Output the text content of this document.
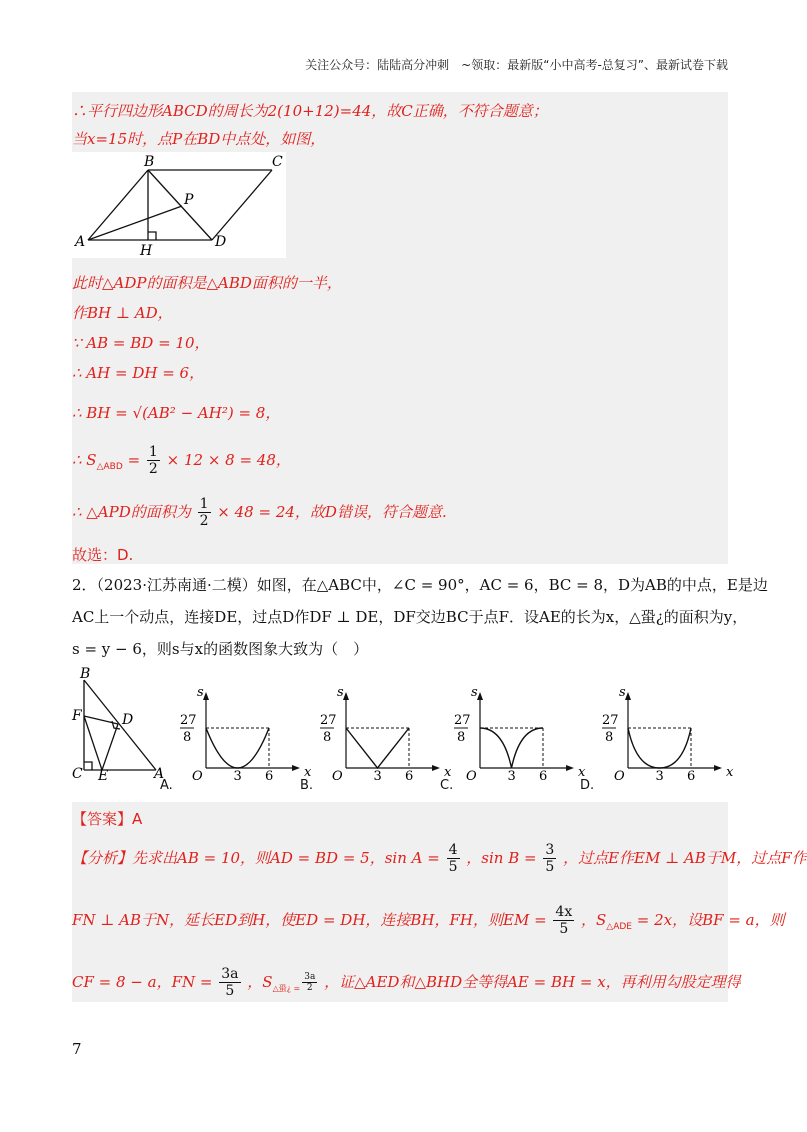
关注公众号：陆陆高分冲刺　~领取：最新版“小中高考-总复习”、最新试卷下载
∴平行四边形ABCD的周长为2(10+12)=44，故C正确，不符合题意；
当x=15时，点P在BD中点处，如图，
A
B	C
D
P
H
此时△ADP的面积是△ABD面积的一半，
作BH ⊥ AD，
∵ AB = BD = 10，
∴ AH = DH = 6，
∴ BH = √(AB² − AH²) = 8，
∴ $S_{\triangle ABD} = \frac{1}{2} \times 12 \times 8 = 48$，
∴ △APD的面积为 $\frac{1}{2} \times 48 = 24$，故D错误，符合题意.
故选：D.
2．（2023·江苏南通·二模）如图，在△ABC中，∠C = 90°，AC = 6，BC = 8，D为AB的中点，E是边
AC上一个动点，连接DE，过点D作DF ⊥ DE，DF交边BC于点F．设AE的长为x，△蛩¿的面积为y，
s = y − 6，则s与x的函数图象大致为（　）
B
F	D
C E	A
A.
s
x
O 3 6
27
8
B.
s
x
O 3 6
27
8
C.
s
x
O 3 6
27
8
D.
s
x
O 3 6
27
8
【答案】A
【分析】先求出AB = 10，则AD = BD = 5，$\sin A = \frac{4}{5}$ ，$\sin B = \frac{3}{5}$ ，过点E作EM ⊥ AB于M，过点F作
FN ⊥ AB于N，延长ED到H，使ED = DH，连接BH，FH，则EM = $\frac{4x}{5}$ ，$S_{\triangle ADE} = 2x$，设BF = a，则
CF = 8 − a，FN = $\frac{3a}{5}$ ，$S_{\triangle 蛩¿ =} \frac{3a}{2}$ ，证△AED和△BHD全等得AE = BH = x，再利用勾股定理得
7
